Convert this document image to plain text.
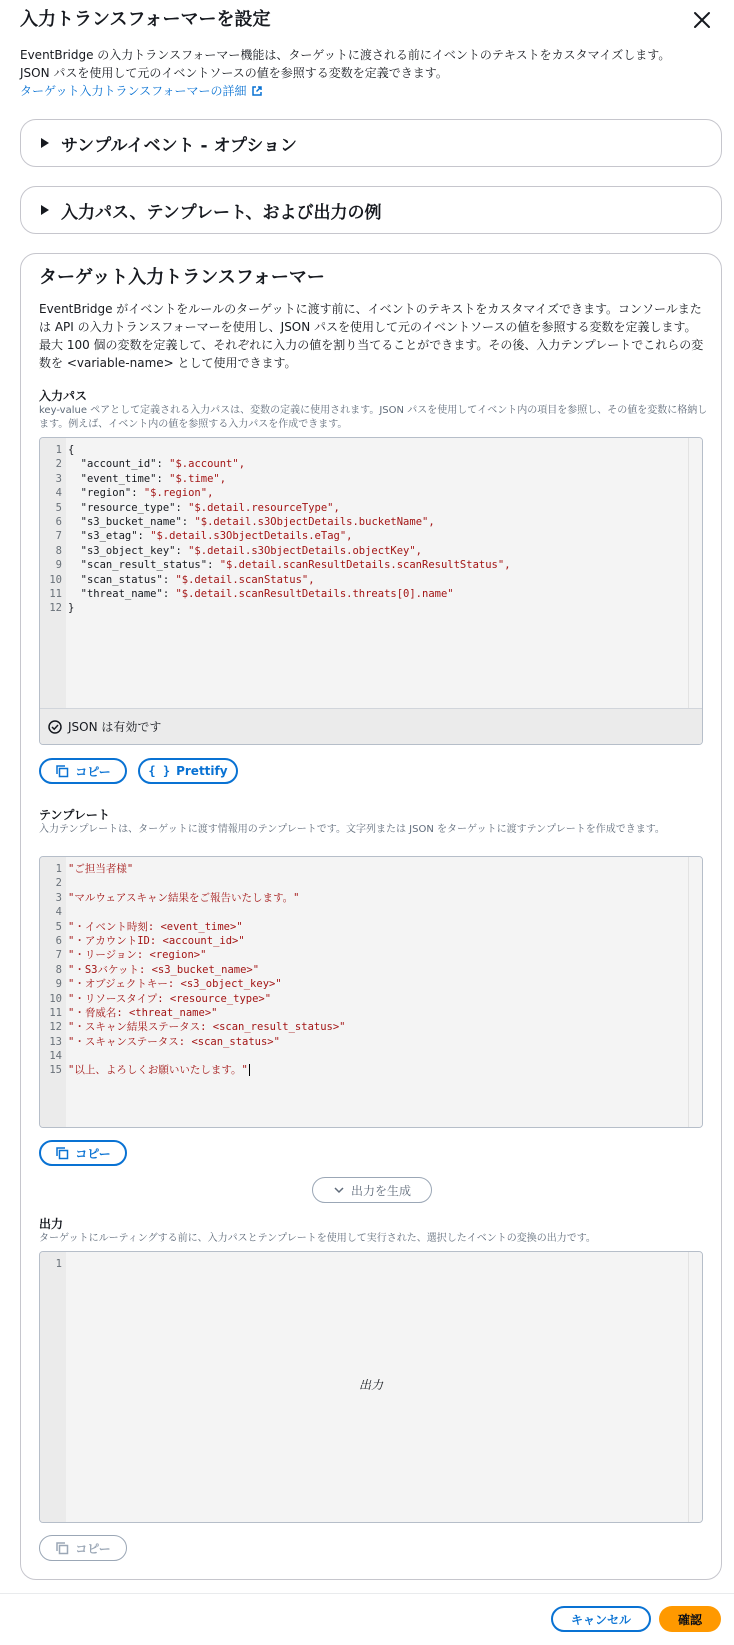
入力トランスフォーマーを設定
EventBridge の入力トランスフォーマー機能は、ターゲットに渡される前にイベントのテキストをカスタマイズします。
JSON パスを使用して元のイベントソースの値を参照する変数を定義できます。
ターゲット入力トランスフォーマーの詳細
サンプルイベント - オプション
入力パス、テンプレート、および出力の例
ターゲット入力トランスフォーマー
EventBridge がイベントをルールのターゲットに渡す前に、イベントのテキストをカスタマイズできます。コンソールまたは API の入力トランスフォーマーを使用し、JSON パスを使用して元のイベントソースの値を参照する変数を定義します。最大 100 個の変数を定義して、それぞれに入力の値を割り当てることができます。その後、入力テンプレートでこれらの変数を <variable-name> として使用できます。
入力パス
key-value ペアとして定義される入力パスは、変数の定義に使用されます。JSON パスを使用してイベント内の項目を参照し、その値を変数に格納します。例えば、イベント内の値を参照する入力パスを作成できます。
1 {
2 "account_id": "$.account",
3 "event_time": "$.time",
4 "region": "$.region",
5 "resource_type": "$.detail.resourceType",
6 "s3_bucket_name": "$.detail.s3ObjectDetails.bucketName",
7 "s3_etag": "$.detail.s3ObjectDetails.eTag",
8 "s3_object_key": "$.detail.s3ObjectDetails.objectKey",
9 "scan_result_status": "$.detail.scanResultDetails.scanResultStatus",
10 "scan_status": "$.detail.scanStatus",
11 "threat_name": "$.detail.scanResultDetails.threats[0].name"
12 }
JSON は有効です
コピー	{ } Prettify
テンプレート
入力テンプレートは、ターゲットに渡す情報用のテンプレートです。文字列または JSON をターゲットに渡すテンプレートを作成できます。
1 "ご担当者様"
2
3 "マルウェアスキャン結果をご報告いたします。"
4
5 "・イベント時刻: <event_time>"
6 "・アカウントID: <account_id>"
7 "・リージョン: <region>"
8 "・S3バケット: <s3_bucket_name>"
9 "・オブジェクトキー: <s3_object_key>"
10 "・リソースタイプ: <resource_type>"
11 "・脅威名: <threat_name>"
12 "・スキャン結果ステータス: <scan_result_status>"
13 "・スキャンステータス: <scan_status>"
14
15 "以上、よろしくお願いいたします。"
コピー
出力を生成
出力
ターゲットにルーティングする前に、入力パスとテンプレートを使用して実行された、選択したイベントの変換の出力です。
1
出力
コピー
キャンセル	確認
